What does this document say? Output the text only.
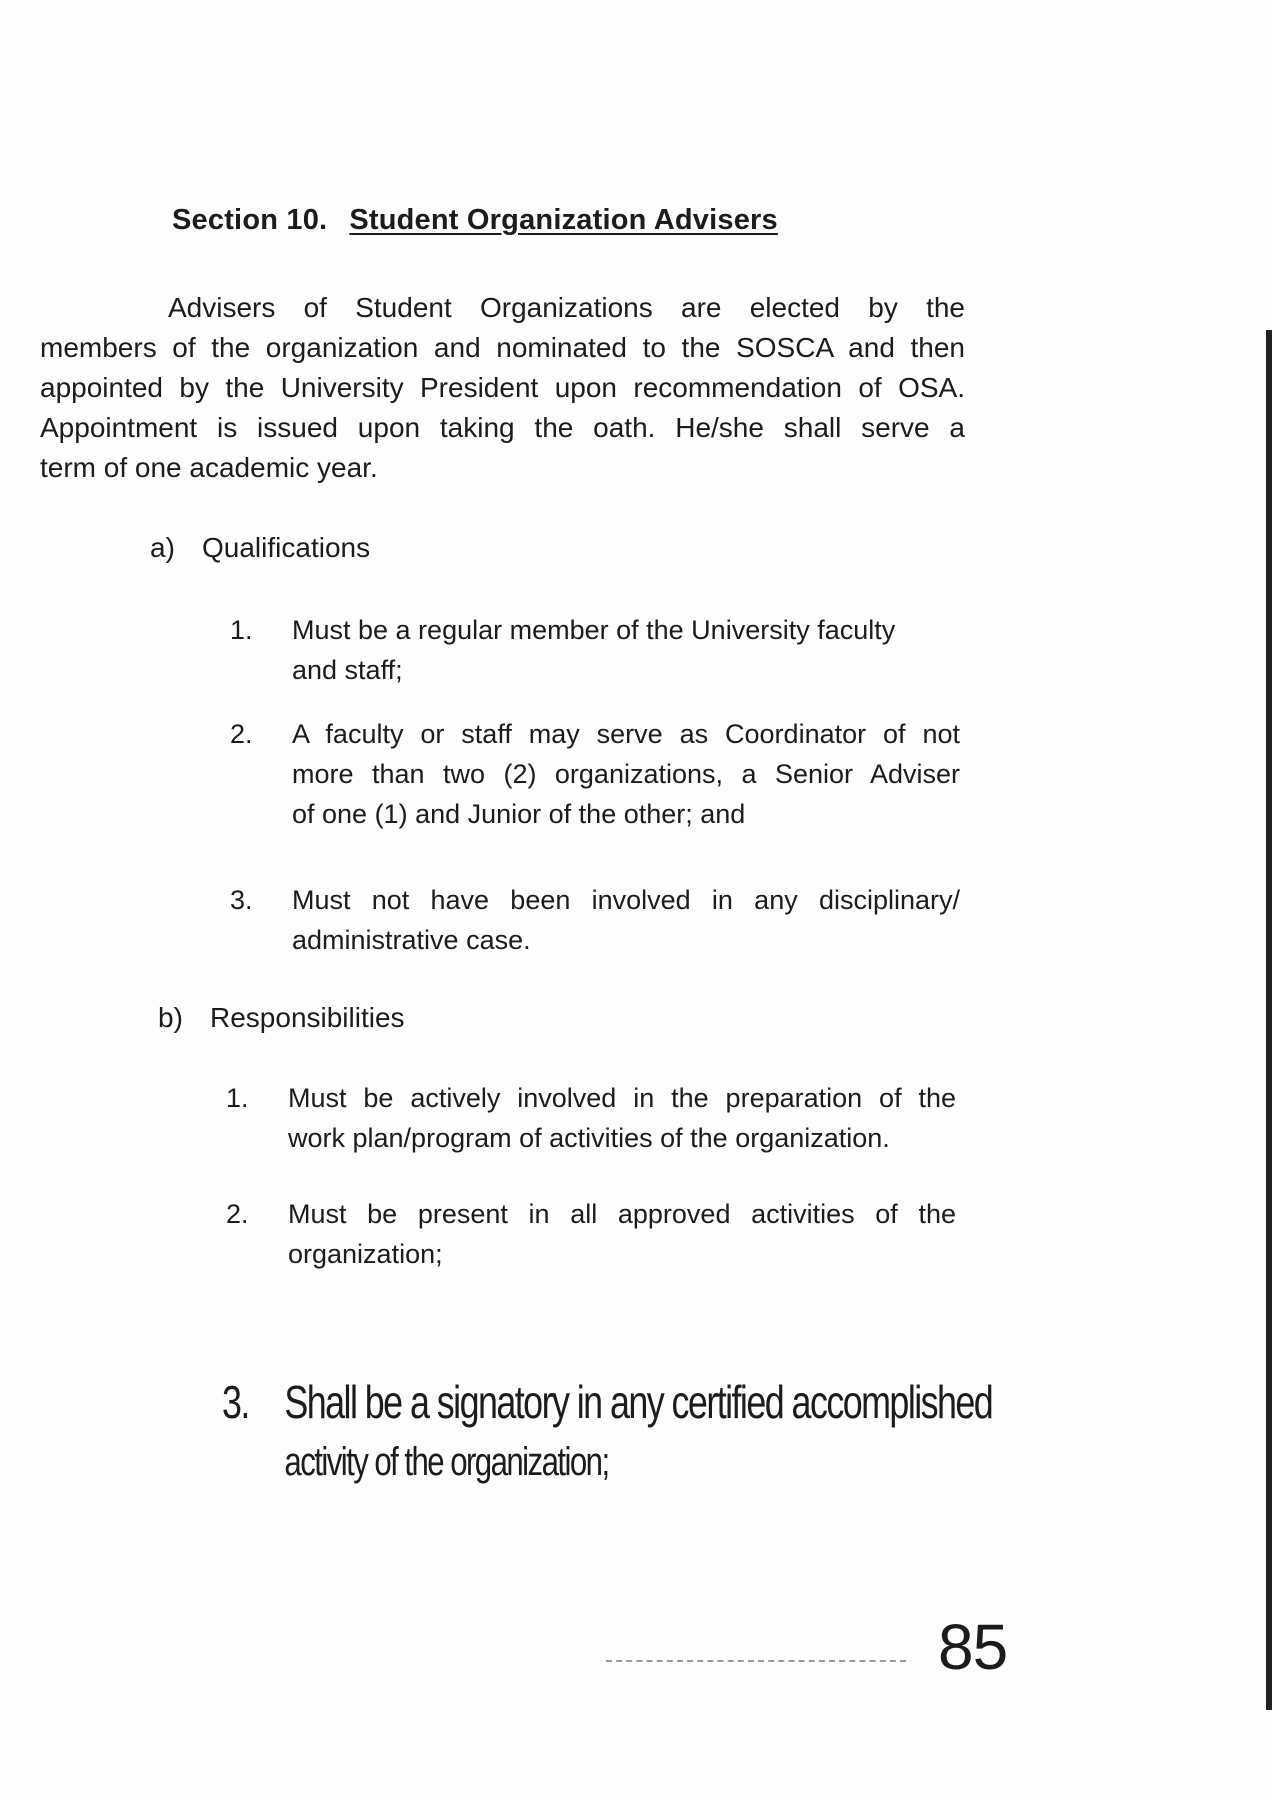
Section 10. Student Organization Advisers

Advisers of Student Organizations are elected by the
members of the organization and nominated to the SOSCA and then
appointed by the University President upon recommendation of OSA.
Appointment is issued upon taking the oath. He/she shall serve a
term of one academic year.

a) Qualifications
1. Must be a regular member of the University faculty
and staff;
2. A faculty or staff may serve as Coordinator of not
more than two (2) organizations, a Senior Adviser
of one (1) and Junior of the other; and
3. Must not have been involved in any disciplinary/
administrative case.
b) Responsibilities
1. Must be actively involved in the preparation of the
work plan/program of activities of the organization.
2. Must be present in all approved activities of the
organization;
3. Shall be a signatory in any certified accomplished
activity of the organization;
85
